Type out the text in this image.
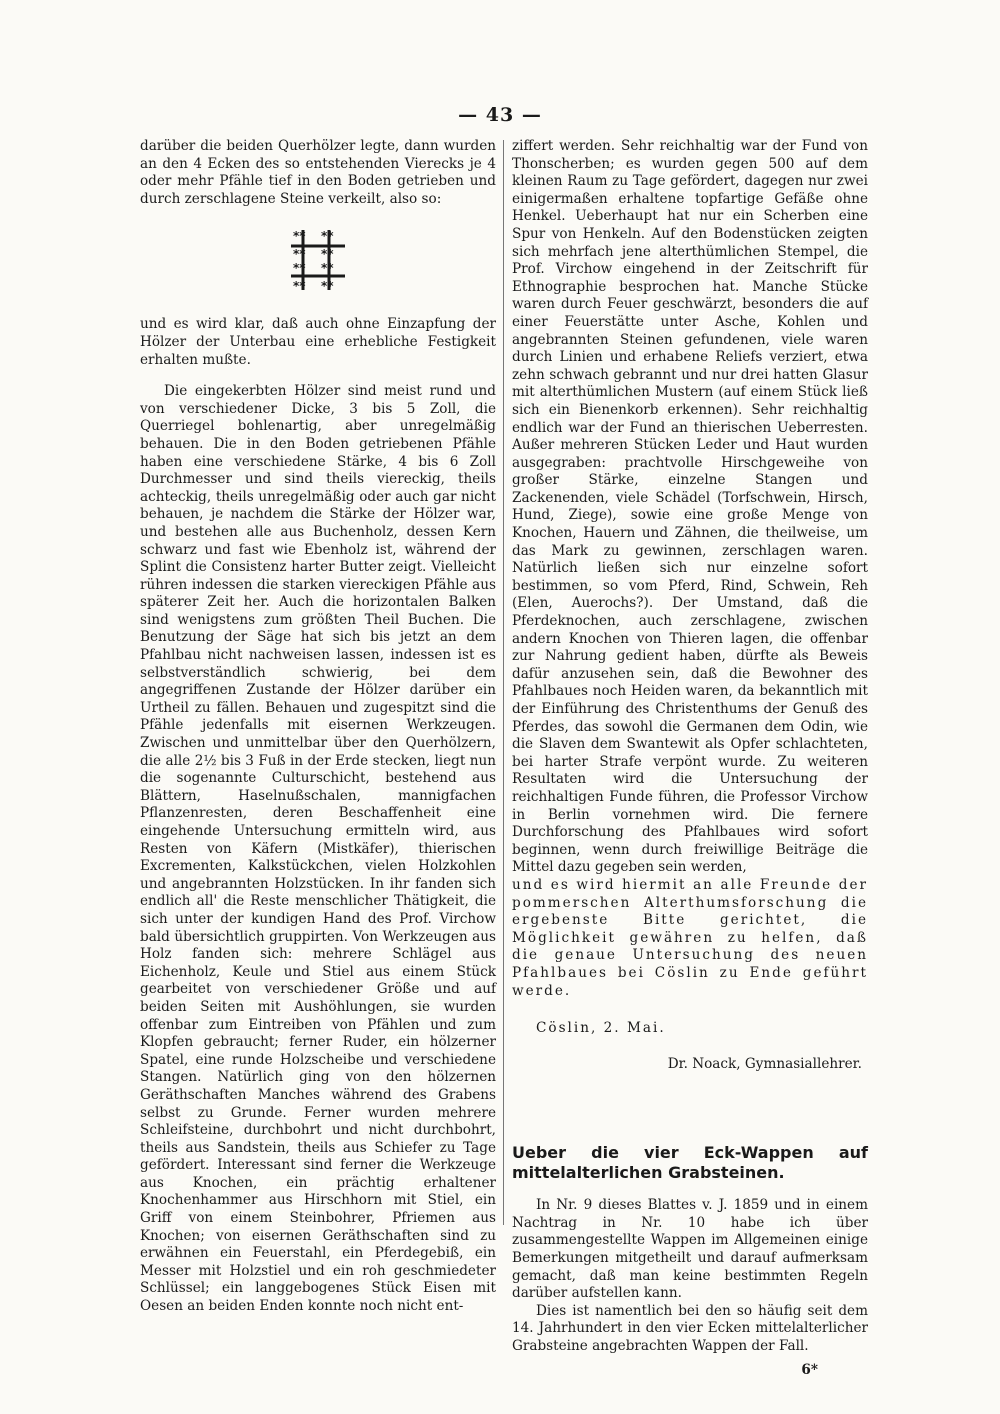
— 43 —

darüber die beiden Querhölzer legte, dann wurden an den 4 Ecken des so entstehenden Vierecks je 4 oder mehr Pfähle tief in den Boden getrieben und durch zerschlagene Steine verkeilt, also so:

** **
** **
** **
** **

und es wird klar, daß auch ohne Einzapfung der Hölzer der Unterbau eine erhebliche Festigkeit erhalten mußte.

Die eingekerbten Hölzer sind meist rund und von verschiedener Dicke, 3 bis 5 Zoll, die Querriegel bohlenartig, aber unregelmäßig behauen. Die in den Boden getriebenen Pfähle haben eine verschiedene Stärke, 4 bis 6 Zoll Durchmesser und sind theils viereckig, theils achteckig, theils unregelmäßig oder auch gar nicht behauen, je nachdem die Stärke der Hölzer war, und bestehen alle aus Buchenholz, dessen Kern schwarz und fast wie Ebenholz ist, während der Splint die Consistenz harter Butter zeigt. Vielleicht rühren indessen die starken viereckigen Pfähle aus späterer Zeit her. Auch die horizontalen Balken sind wenigstens zum größten Theil Buchen. Die Benutzung der Säge hat sich bis jetzt an dem Pfahlbau nicht nachweisen lassen, indessen ist es selbstverständlich schwierig, bei dem angegriffenen Zustande der Hölzer darüber ein Urtheil zu fällen. Behauen und zugespitzt sind die Pfähle jedenfalls mit eisernen Werkzeugen. Zwischen und unmittelbar über den Querhölzern, die alle 2½ bis 3 Fuß in der Erde stecken, liegt nun die sogenannte Culturschicht, bestehend aus Blättern, Haselnußschalen, mannigfachen Pflanzenresten, deren Beschaffenheit eine eingehende Untersuchung ermitteln wird, aus Resten von Käfern (Mistkäfer), thierischen Excrementen, Kalkstückchen, vielen Holzkohlen und angebrannten Holzstücken. In ihr fanden sich endlich all' die Reste menschlicher Thätigkeit, die sich unter der kundigen Hand des Prof. Virchow bald übersichtlich gruppirten. Von Werkzeugen aus Holz fanden sich: mehrere Schlägel aus Eichenholz, Keule und Stiel aus einem Stück gearbeitet von verschiedener Größe und auf beiden Seiten mit Aushöhlungen, sie wurden offenbar zum Eintreiben von Pfählen und zum Klopfen gebraucht; ferner Ruder, ein hölzerner Spatel, eine runde Holzscheibe und verschiedene Stangen. Natürlich ging von den hölzernen Geräthschaften Manches während des Grabens selbst zu Grunde. Ferner wurden mehrere Schleifsteine, durchbohrt und nicht durchbohrt, theils aus Sandstein, theils aus Schiefer zu Tage gefördert. Interessant sind ferner die Werkzeuge aus Knochen, ein prächtig erhaltener Knochenhammer aus Hirschhorn mit Stiel, ein Griff von einem Steinbohrer, Pfriemen aus Knochen; von eisernen Geräthschaften sind zu erwähnen ein Feuerstahl, ein Pferdegebiß, ein Messer mit Holzstiel und ein roh geschmiedeter Schlüssel; ein langgebogenes Stück Eisen mit Oesen an beiden Enden konnte noch nicht ent-

ziffert werden. Sehr reichhaltig war der Fund von Thonscherben; es wurden gegen 500 auf dem kleinen Raum zu Tage gefördert, dagegen nur zwei einigermaßen erhaltene topfartige Gefäße ohne Henkel. Ueberhaupt hat nur ein Scherben eine Spur von Henkeln. Auf den Bodenstücken zeigten sich mehrfach jene alterthümlichen Stempel, die Prof. Virchow eingehend in der Zeitschrift für Ethnographie besprochen hat. Manche Stücke waren durch Feuer geschwärzt, besonders die auf einer Feuerstätte unter Asche, Kohlen und angebrannten Steinen gefundenen, viele waren durch Linien und erhabene Reliefs verziert, etwa zehn schwach gebrannt und nur drei hatten Glasur mit alterthümlichen Mustern (auf einem Stück ließ sich ein Bienenkorb erkennen). Sehr reichhaltig endlich war der Fund an thierischen Ueberresten. Außer mehreren Stücken Leder und Haut wurden ausgegraben: prachtvolle Hirschgeweihe von großer Stärke, einzelne Stangen und Zackenenden, viele Schädel (Torfschwein, Hirsch, Hund, Ziege), sowie eine große Menge von Knochen, Hauern und Zähnen, die theilweise, um das Mark zu gewinnen, zerschlagen waren. Natürlich ließen sich nur einzelne sofort bestimmen, so vom Pferd, Rind, Schwein, Reh (Elen, Auerochs?). Der Umstand, daß die Pferdeknochen, auch zerschlagene, zwischen andern Knochen von Thieren lagen, die offenbar zur Nahrung gedient haben, dürfte als Beweis dafür anzusehen sein, daß die Bewohner des Pfahlbaues noch Heiden waren, da bekanntlich mit der Einführung des Christenthums der Genuß des Pferdes, das sowohl die Germanen dem Odin, wie die Slaven dem Swantewit als Opfer schlachteten, bei harter Strafe verpönt wurde. Zu weiteren Resultaten wird die Untersuchung der reichhaltigen Funde führen, die Professor Virchow in Berlin vornehmen wird. Die fernere Durchforschung des Pfahlbaues wird sofort beginnen, wenn durch freiwillige Beiträge die Mittel dazu gegeben sein werden,

und es wird hiermit an alle Freunde der pommerschen Alterthumsforschung die ergebenste Bitte gerichtet, die Möglichkeit gewähren zu helfen, daß die genaue Untersuchung des neuen Pfahlbaues bei Cöslin zu Ende geführt werde.

Cöslin, 2. Mai.

Dr. Noack, Gymnasiallehrer.

Ueber die vier Eck-Wappen auf mittelalterlichen Grabsteinen.

In Nr. 9 dieses Blattes v. J. 1859 und in einem Nachtrag in Nr. 10 habe ich über zusammengestellte Wappen im Allgemeinen einige Bemerkungen mitgetheilt und darauf aufmerksam gemacht, daß man keine bestimmten Regeln darüber aufstellen kann.

Dies ist namentlich bei den so häufig seit dem 14. Jahrhundert in den vier Ecken mittelalterlicher Grabsteine angebrachten Wappen der Fall.

6*
